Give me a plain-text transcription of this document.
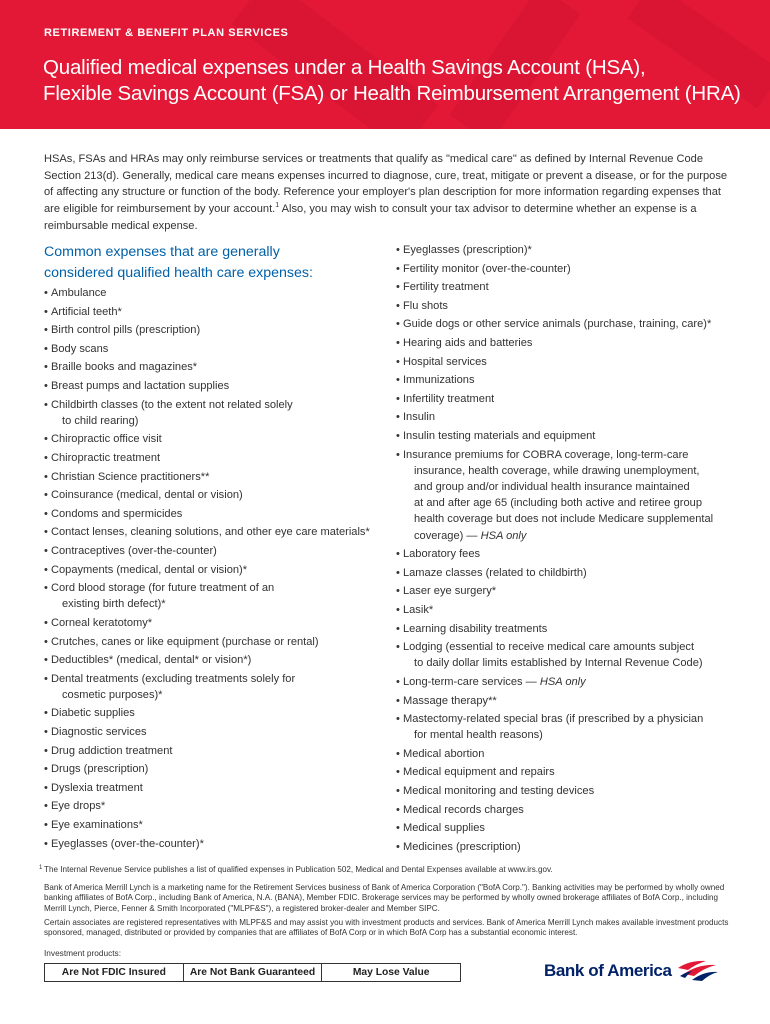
RETIREMENT & BENEFIT PLAN SERVICES
Qualified medical expenses under a Health Savings Account (HSA),
Flexible Savings Account (FSA) or Health Reimbursement Arrangement (HRA)
HSAs, FSAs and HRAs may only reimburse services or treatments that qualify as "medical care" as defined by Internal Revenue Code Section 213(d). Generally, medical care means expenses incurred to diagnose, cure, treat, mitigate or prevent a disease, or for the purpose of affecting any structure or function of the body. Reference your employer's plan description for more information regarding expenses that are eligible for reimbursement by your account.$^1$ Also, you may wish to consult your tax advisor to determine whether an expense is a reimbursable medical expense.
Common expenses that are generally
considered qualified health care expenses:
• Ambulance
• Artificial teeth*
• Birth control pills (prescription)
• Body scans
• Braille books and magazines*
• Breast pumps and lactation supplies
• Childbirth classes (to the extent not related solely
to child rearing)
• Chiropractic office visit
• Chiropractic treatment
• Christian Science practitioners**
• Coinsurance (medical, dental or vision)
• Condoms and spermicides
• Contact lenses, cleaning solutions, and other eye care materials*
• Contraceptives (over-the-counter)
• Copayments (medical, dental or vision)*
• Cord blood storage (for future treatment of an
existing birth defect)*
• Corneal keratotomy*
• Crutches, canes or like equipment (purchase or rental)
• Deductibles* (medical, dental* or vision*)
• Dental treatments (excluding treatments solely for
cosmetic purposes)*
• Diabetic supplies
• Diagnostic services
• Drug addiction treatment
• Drugs (prescription)
• Dyslexia treatment
• Eye drops*
• Eye examinations*
• Eyeglasses (over-the-counter)*
• Eyeglasses (prescription)*
• Fertility monitor (over-the-counter)
• Fertility treatment
• Flu shots
• Guide dogs or other service animals (purchase, training, care)*
• Hearing aids and batteries
• Hospital services
• Immunizations
• Infertility treatment
• Insulin
• Insulin testing materials and equipment
• Insurance premiums for COBRA coverage, long-term-care
insurance, health coverage, while drawing unemployment,
and group and/or individual health insurance maintained
at and after age 65 (including both active and retiree group
health coverage but does not include Medicare supplemental
coverage) — HSA only
• Laboratory fees
• Lamaze classes (related to childbirth)
• Laser eye surgery*
• Lasik*
• Learning disability treatments
• Lodging (essential to receive medical care amounts subject
to daily dollar limits established by Internal Revenue Code)
• Long-term-care services — HSA only
• Massage therapy**
• Mastectomy-related special bras (if prescribed by a physician
for mental health reasons)
• Medical abortion
• Medical equipment and repairs
• Medical monitoring and testing devices
• Medical records charges
• Medical supplies
• Medicines (prescription)
1 The Internal Revenue Service publishes a list of qualified expenses in Publication 502, Medical and Dental Expenses available at www.irs.gov.

Bank of America Merrill Lynch is a marketing name for the Retirement Services business of Bank of America Corporation ("BofA Corp."). Banking activities may be performed by wholly owned banking affiliates of BofA Corp., including Bank of America, N.A. (BANA), Member FDIC. Brokerage services may be performed by wholly owned brokerage affiliates of BofA Corp., including Merrill Lynch, Pierce, Fenner & Smith Incorporated ("MLPF&S"), a registered broker-dealer and Member SIPC.

Certain associates are registered representatives with MLPF&S and may assist you with investment products and services. Bank of America Merrill Lynch makes available investment products sponsored, managed, distributed or provided by companies that are affiliates of BofA Corp or in which BofA Corp has a substantial economic interest.

Investment products:
Are Not FDIC Insured	Are Not Bank Guaranteed	May Lose Value	Bank of America
